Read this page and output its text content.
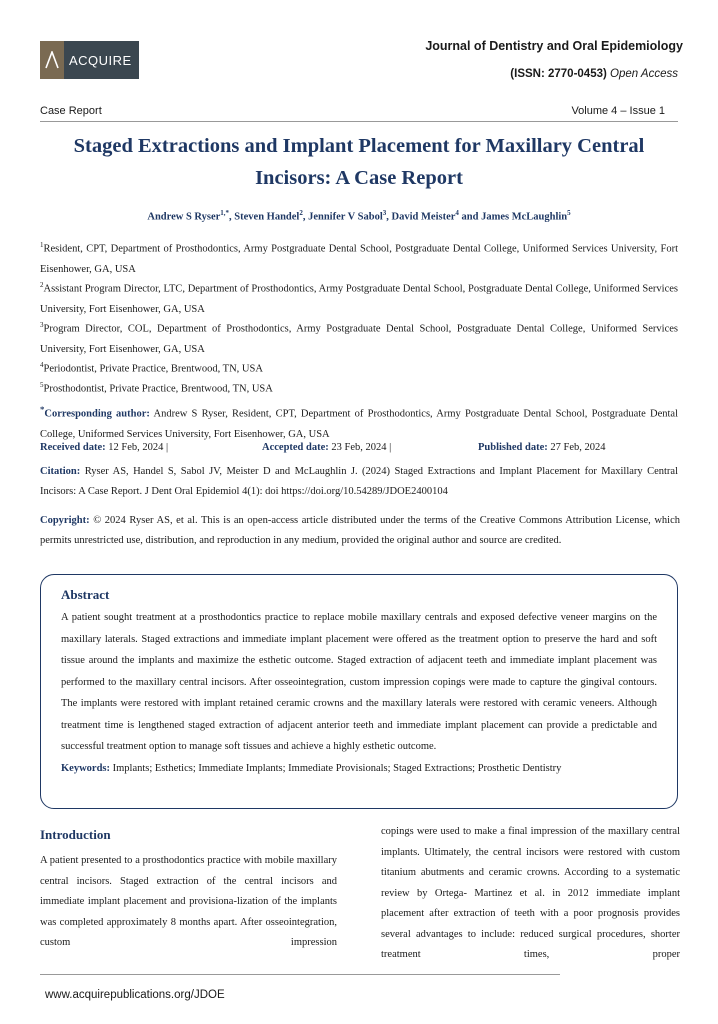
ACQUIRE
Journal of Dentistry and Oral Epidemiology
(ISSN: 2770-0453) Open Access
Case Report	Volume 4 – Issue 1
Staged Extractions and Implant Placement for Maxillary Central
Incisors: A Case Report
Andrew S Ryser$^{1,*}$, Steven Handel$^2$, Jennifer V Sabol$^3$, David Meister$^4$ and James McLaughlin$^5$
$^1$Resident, CPT, Department of Prosthodontics, Army Postgraduate Dental School, Postgraduate Dental College, Uniformed Services University, Fort Eisenhower, GA, USA
$^2$Assistant Program Director, LTC, Department of Prosthodontics, Army Postgraduate Dental School, Postgraduate Dental College, Uniformed Services University, Fort Eisenhower, GA, USA
$^3$Program Director, COL, Department of Prosthodontics, Army Postgraduate Dental School, Postgraduate Dental College, Uniformed Services University, Fort Eisenhower, GA, USA
$^4$Periodontist, Private Practice, Brentwood, TN, USA
$^5$Prosthodontist, Private Practice, Brentwood, TN, USA
*Corresponding author: Andrew S Ryser, Resident, CPT, Department of Prosthodontics, Army Postgraduate Dental School, Postgraduate Dental College, Uniformed Services University, Fort Eisenhower, GA, USA
Received date: 12 Feb, 2024 |	Accepted date: 23 Feb, 2024 |	Published date: 27 Feb, 2024
Citation: Ryser AS, Handel S, Sabol JV, Meister D and McLaughlin J. (2024) Staged Extractions and Implant Placement for Maxillary Central Incisors: A Case Report. J Dent Oral Epidemiol 4(1): doi https://doi.org/10.54289/JDOE2400104
Copyright: © 2024 Ryser AS, et al. This is an open-access article distributed under the terms of the Creative Commons Attribution License, which permits unrestricted use, distribution, and reproduction in any medium, provided the original author and source are credited.
Abstract
A patient sought treatment at a prosthodontics practice to replace mobile maxillary centrals and exposed defective veneer margins on the maxillary laterals. Staged extractions and immediate implant placement were offered as the treatment option to preserve the hard and soft tissue around the implants and maximize the esthetic outcome. Staged extraction of adjacent teeth and immediate implant placement was performed to the maxillary central incisors. After osseointegration, custom impression copings were made to capture the gingival contours. The implants were restored with implant retained ceramic crowns and the maxillary laterals were restored with ceramic veneers. Although treatment time is lengthened staged extraction of adjacent anterior teeth and immediate implant placement can provide a predictable and successful treatment option to manage soft tissues and achieve a highly esthetic outcome.
Keywords: Implants; Esthetics; Immediate Implants; Immediate Provisionals; Staged Extractions; Prosthetic Dentistry
Introduction
A patient presented to a prosthodontics practice with mobile maxillary central incisors. Staged extraction of the central incisors and immediate implant placement and provisiona-lization of the implants was completed approximately 8 months apart. After osseointegration, custom impression
copings were used to make a final impression of the maxillary central implants. Ultimately, the central incisors were restored with custom titanium abutments and ceramic crowns. According to a systematic review by Ortega- Martinez et al. in 2012 immediate implant placement after extraction of teeth with a poor prognosis provides several advantages to include: reduced surgical procedures, shorter treatment times, proper
www.acquirepublications.org/JDOE
